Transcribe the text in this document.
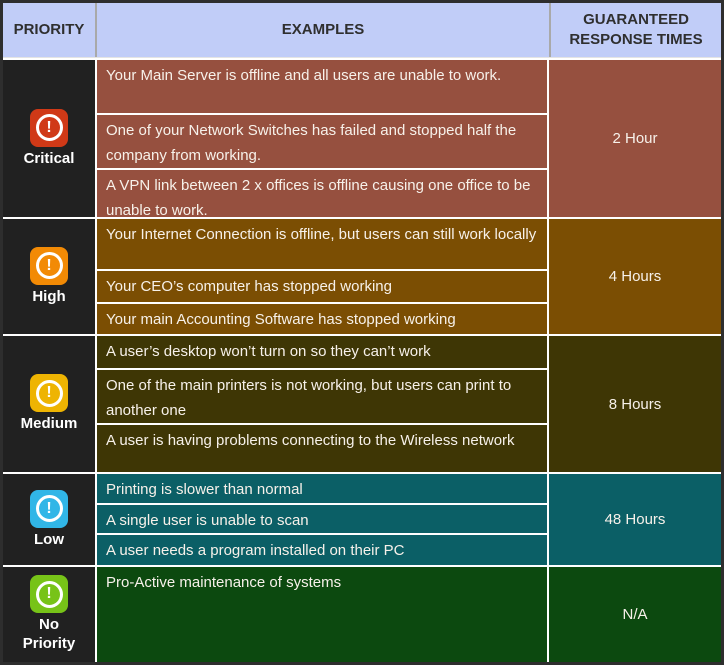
PRIORITY	EXAMPLES
GUARANTEED RESPONSE TIMES
!
Critical
Your Main Server is offline and all users are unable to work.
One of your Network Switches has failed and stopped half the company from working.
A VPN link between 2 x offices is offline causing one office to be unable to work.
2 Hour
!
High
Your Internet Connection is offline, but users can still work locally
Your CEO’s computer has stopped working
Your main Accounting Software has stopped working
4 Hours
!
Medium
A user’s desktop won’t turn on so they can’t work
One of the main printers is not working, but users can print to another one
A user is having problems connecting to the Wireless network
8 Hours
!
Low
Printing is slower than normal
A single user is unable to scan
A user needs a program installed on their PC
48 Hours
!
No Priority
Pro-Active maintenance of systems
N/A
